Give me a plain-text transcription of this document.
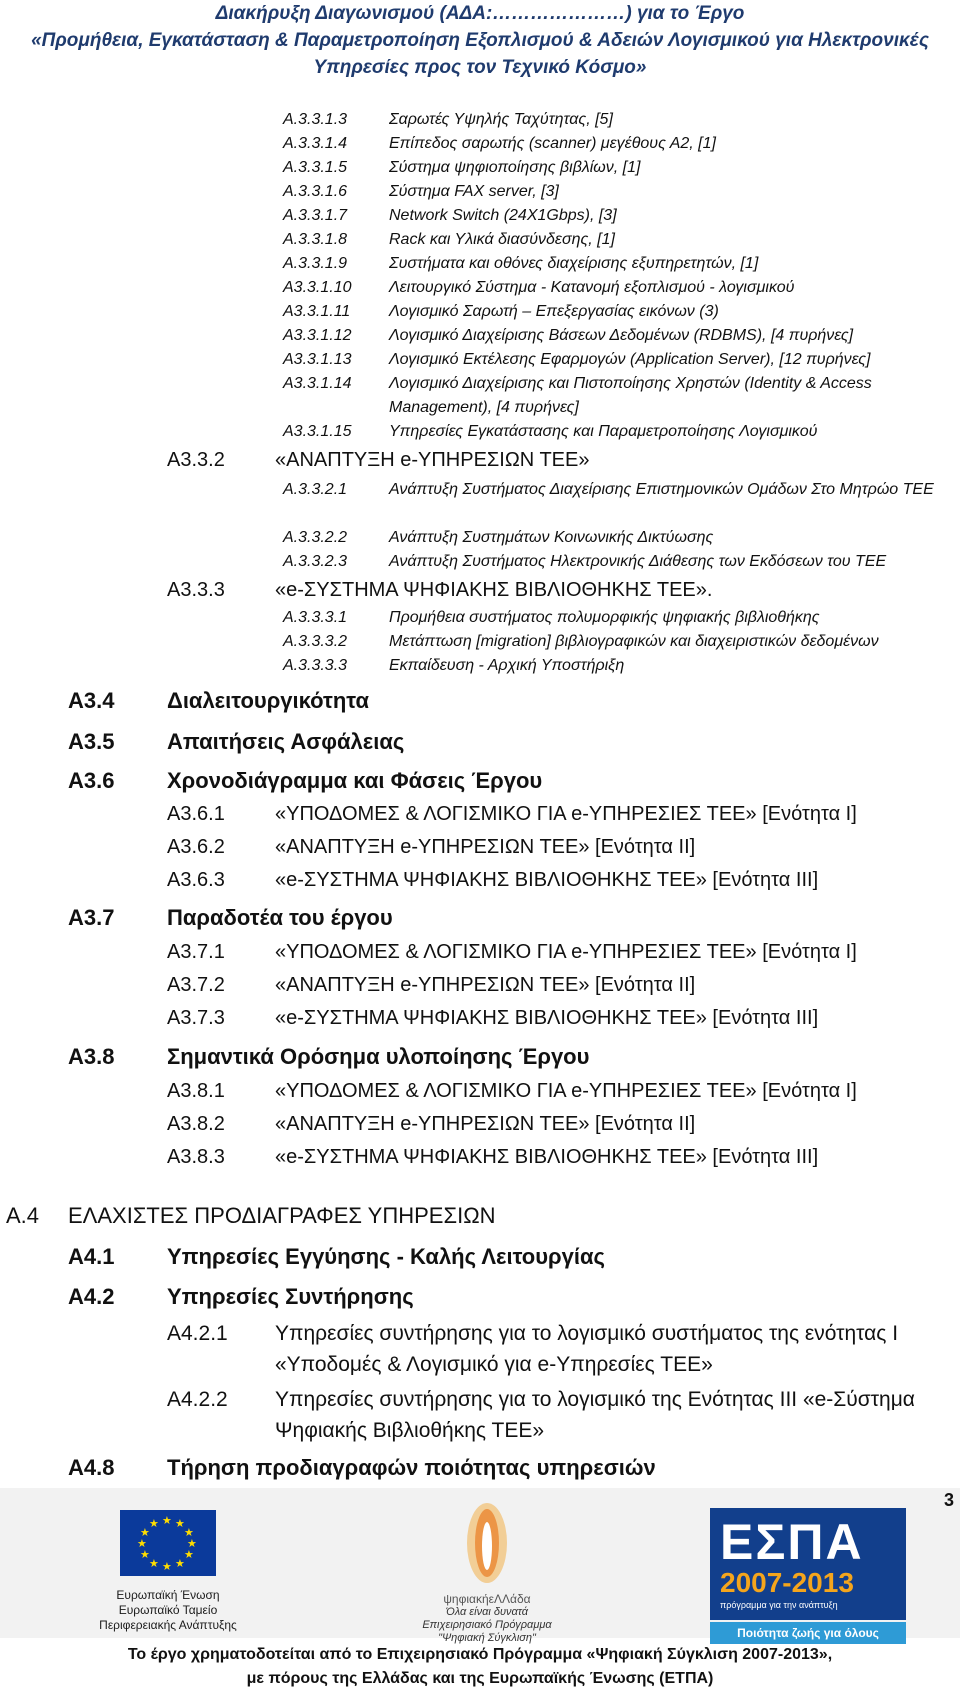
Διακήρυξη Διαγωνισμού (ΑΔΑ:…………………) για το Έργο
«Προμήθεια, Εγκατάσταση & Παραμετροποίηση Εξοπλισμού & Αδειών Λογισμικού για Ηλεκτρονικές
Υπηρεσίες προς τον Τεχνικό Κόσμο»
Α.3.3.1.3	Σαρωτές Υψηλής Ταχύτητας, [5]
Α.3.3.1.4	Επίπεδος σαρωτής (scanner) μεγέθους Α2, [1]
Α.3.3.1.5	Σύστημα ψηφιοποίησης βιβλίων, [1]
Α.3.3.1.6	Σύστημα FAX server, [3]
Α.3.3.1.7	Network Switch (24X1Gbps), [3]
Α.3.3.1.8	Rack και Υλικά διασύνδεσης, [1]
Α.3.3.1.9	Συστήματα και οθόνες διαχείρισης εξυπηρετητών, [1]
Α3.3.1.10 Λειτουργικό Σύστημα - Κατανομή εξοπλισμού - λογισμικού
Α3.3.1.11 Λογισμικό Σαρωτή – Επεξεργασίας εικόνων (3)
Α3.3.1.12 Λογισμικό Διαχείρισης Βάσεων Δεδομένων (RDBMS), [4 πυρήνες]
Α3.3.1.13 Λογισμικό Εκτέλεσης Εφαρμογών (Application Server), [12 πυρήνες]
Α3.3.1.14 Λογισμικό Διαχείρισης και Πιστοποίησης Χρηστών (Identity & Access Management), [4 πυρήνες]
Α3.3.1.15 Υπηρεσίες Εγκατάστασης και Παραμετροποίησης Λογισμικού
Α3.3.2	«ΑΝΑΠΤΥΞΗ e-ΥΠΗΡΕΣΙΩΝ ΤΕΕ»
Α.3.3.2.1	Ανάπτυξη Συστήματος Διαχείρισης Επιστημονικών Ομάδων Στο Μητρώο ΤΕΕ
Α.3.3.2.2	Ανάπτυξη Συστημάτων Κοινωνικής Δικτύωσης
Α.3.3.2.3	Ανάπτυξη Συστήματος Ηλεκτρονικής Διάθεσης των Εκδόσεων του ΤΕΕ
Α3.3.3	«e-ΣΥΣΤΗΜΑ ΨΗΦΙΑΚΗΣ ΒΙΒΛΙΟΘΗΚΗΣ ΤΕΕ».
Α.3.3.3.1	Προμήθεια συστήματος πολυμορφικής ψηφιακής βιβλιοθήκης
Α.3.3.3.2	Μετάπτωση [migration] βιβλιογραφικών και διαχειριστικών δεδομένων
Α.3.3.3.3	Εκπαίδευση - Αρχική Υποστήριξη
Α3.4 Διαλειτουργικότητα
Α3.5 Απαιτήσεις Ασφάλειας
Α3.6 Χρονοδιάγραμμα και Φάσεις Έργου
Α3.6.1	«ΥΠΟΔΟΜΕΣ & ΛΟΓΙΣΜΙΚΟ ΓΙΑ e-ΥΠΗΡΕΣΙΕΣ ΤΕΕ» [Ενότητα Ι]
Α3.6.2	«ΑΝΑΠΤΥΞΗ e-ΥΠΗΡΕΣΙΩΝ ΤΕΕ» [Ενότητα ΙΙ]
Α3.6.3	«e-ΣΥΣΤΗΜΑ ΨΗΦΙΑΚΗΣ ΒΙΒΛΙΟΘΗΚΗΣ ΤΕΕ» [Ενότητα ΙΙΙ]
Α3.7 Παραδοτέα του έργου
Α3.7.1	«ΥΠΟΔΟΜΕΣ & ΛΟΓΙΣΜΙΚΟ ΓΙΑ e-ΥΠΗΡΕΣΙΕΣ ΤΕΕ» [Ενότητα Ι]
Α3.7.2	«ΑΝΑΠΤΥΞΗ e-ΥΠΗΡΕΣΙΩΝ ΤΕΕ» [Ενότητα ΙΙ]
Α3.7.3	«e-ΣΥΣΤΗΜΑ ΨΗΦΙΑΚΗΣ ΒΙΒΛΙΟΘΗΚΗΣ ΤΕΕ» [Ενότητα ΙΙΙ]
Α3.8 Σημαντικά Ορόσημα υλοποίησης Έργου
Α3.8.1	«ΥΠΟΔΟΜΕΣ & ΛΟΓΙΣΜΙΚΟ ΓΙΑ e-ΥΠΗΡΕΣΙΕΣ ΤΕΕ» [Ενότητα Ι]
Α3.8.2	«ΑΝΑΠΤΥΞΗ e-ΥΠΗΡΕΣΙΩΝ ΤΕΕ» [Ενότητα ΙΙ]
Α3.8.3	«e-ΣΥΣΤΗΜΑ ΨΗΦΙΑΚΗΣ ΒΙΒΛΙΟΘΗΚΗΣ ΤΕΕ» [Ενότητα ΙΙΙ]
Α.4 ΕΛΑΧΙΣΤΕΣ ΠΡΟΔΙΑΓΡΑΦΕΣ ΥΠΗΡΕΣΙΩΝ
Α4.1 Υπηρεσίες Εγγύησης - Καλής Λειτουργίας
Α4.2 Υπηρεσίες Συντήρησης
Α4.2.1 Υπηρεσίες συντήρησης για το λογισμικό συστήματος της ενότητας Ι «Υποδομές & Λογισμικό για e-Υπηρεσίες ΤΕΕ»
Α4.2.2 Υπηρεσίες συντήρησης για το λογισμικό της Ενότητας ΙΙΙ «e-Σύστημα Ψηφιακής Βιβλιοθήκης ΤΕΕ»
Α4.8 Τήρηση προδιαγραφών ποιότητας υπηρεσιών
3
★ ★
★
★
★
★
★
★
★
★
★
★
Ευρωπαϊκή Ένωση
Ευρωπαϊκό Ταμείο
Περιφερειακής Ανάπτυξης
ψηφιακήεΛΛάδα
Όλα είναι δυνατά
Επιχειρησιακό Πρόγραμμα
"Ψηφιακή Σύγκλιση"
ΕΣΠΑ
2007-2013
πρόγραμμα για την ανάπτυξη
Ποιότητα ζωής για όλους
Το έργο χρηματοδοτείται από το Επιχειρησιακό Πρόγραμμα «Ψηφιακή Σύγκλιση 2007-2013»,
με πόρους της Ελλάδας και της Ευρωπαϊκής Ένωσης (ΕΤΠΑ)
